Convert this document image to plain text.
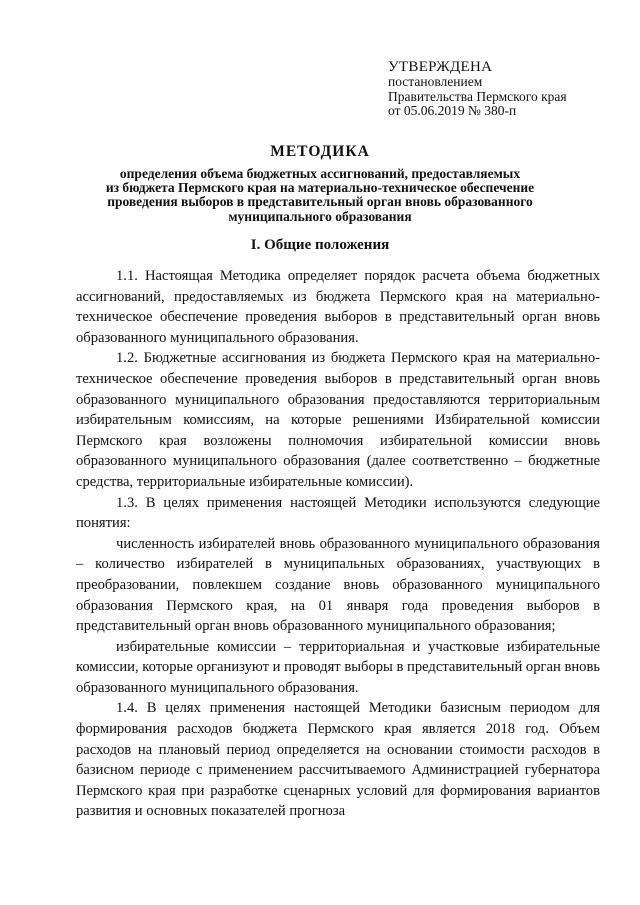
УТВЕРЖДЕНА
постановлением
Правительства Пермского края
от 05.06.2019 № 380-п
МЕТОДИКА
определения объема бюджетных ассигнований, предоставляемых
из бюджета Пермского края на материально-техническое обеспечение
проведения выборов в представительный орган вновь образованного
муниципального образования
I. Общие положения

1.1. Настоящая Методика определяет порядок расчета объема бюджетных ассигнований, предоставляемых из бюджета Пермского края на материально-техническое обеспечение проведения выборов в представительный орган вновь образованного муниципального образования.

1.2. Бюджетные ассигнования из бюджета Пермского края на материально-техническое обеспечение проведения выборов в представительный орган вновь образованного муниципального образования предоставляются территориальным избирательным комиссиям, на которые решениями Избирательной комиссии Пермского края возложены полномочия избирательной комиссии вновь образованного муниципального образования (далее соответственно – бюджетные средства, территориальные избирательные комиссии).

1.3. В целях применения настоящей Методики используются следующие понятия:

численность избирателей вновь образованного муниципального образования – количество избирателей в муниципальных образованиях, участвующих в преобразовании, повлекшем создание вновь образованного муниципального образования Пермского края, на 01 января года проведения выборов в представительный орган вновь образованного муниципального образования;

избирательные комиссии – территориальная и участковые избирательные комиссии, которые организуют и проводят выборы в представительный орган вновь образованного муниципального образования.

1.4. В целях применения настоящей Методики базисным периодом для формирования расходов бюджета Пермского края является 2018 год. Объем расходов на плановый период определяется на основании стоимости расходов в базисном периоде с применением рассчитываемого Администрацией губернатора Пермского края при разработке сценарных условий для формирования вариантов развития и основных показателей прогноза
